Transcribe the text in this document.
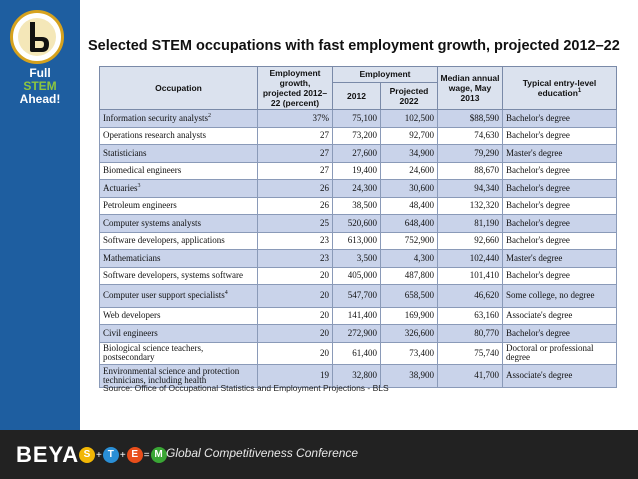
Full
STEM
Ahead!
Selected STEM occupations with fast employment growth, projected 2012–22
Occupation	Employment growth, projected 2012–22 (percent)	Employment		Median annual wage, May 2013	Typical entry-level education$^1$
		2012	Projected 2022		
Information security analysts$^2$	37%	75,100	102,500	$88,590	Bachelor's degree
Operations research analysts	27	73,200	92,700	74,630	Bachelor's degree
Statisticians	27	27,600	34,900	79,290	Master's degree
Biomedical engineers	27	19,400	24,600	88,670	Bachelor's degree
Actuaries$^3$	26	24,300	30,600	94,340	Bachelor's degree
Petroleum engineers	26	38,500	48,400	132,320	Bachelor's degree
Computer systems analysts	25	520,600	648,400	81,190	Bachelor's degree
Software developers, applications	23	613,000	752,900	92,660	Bachelor's degree
Mathematicians	23	3,500	4,300	102,440	Master's degree
Software developers, systems software	20	405,000	487,800	101,410	Bachelor's degree
Computer user support specialists$^4$	20	547,700	658,500	46,620	Some college, no degree
Web developers	20	141,400	169,900	63,160	Associate's degree
Civil engineers	20	272,900	326,600	80,770	Bachelor's degree
Biological science teachers, postsecondary	20	61,400	73,400	75,740	Doctoral or professional degree
Environmental science and protection technicians, including health	19	32,800	38,900	41,700	Associate's degree
Source: Office of Occupational Statistics and Employment Projections - BLS
BEYA S + T + E = M Global Competitiveness Conference
